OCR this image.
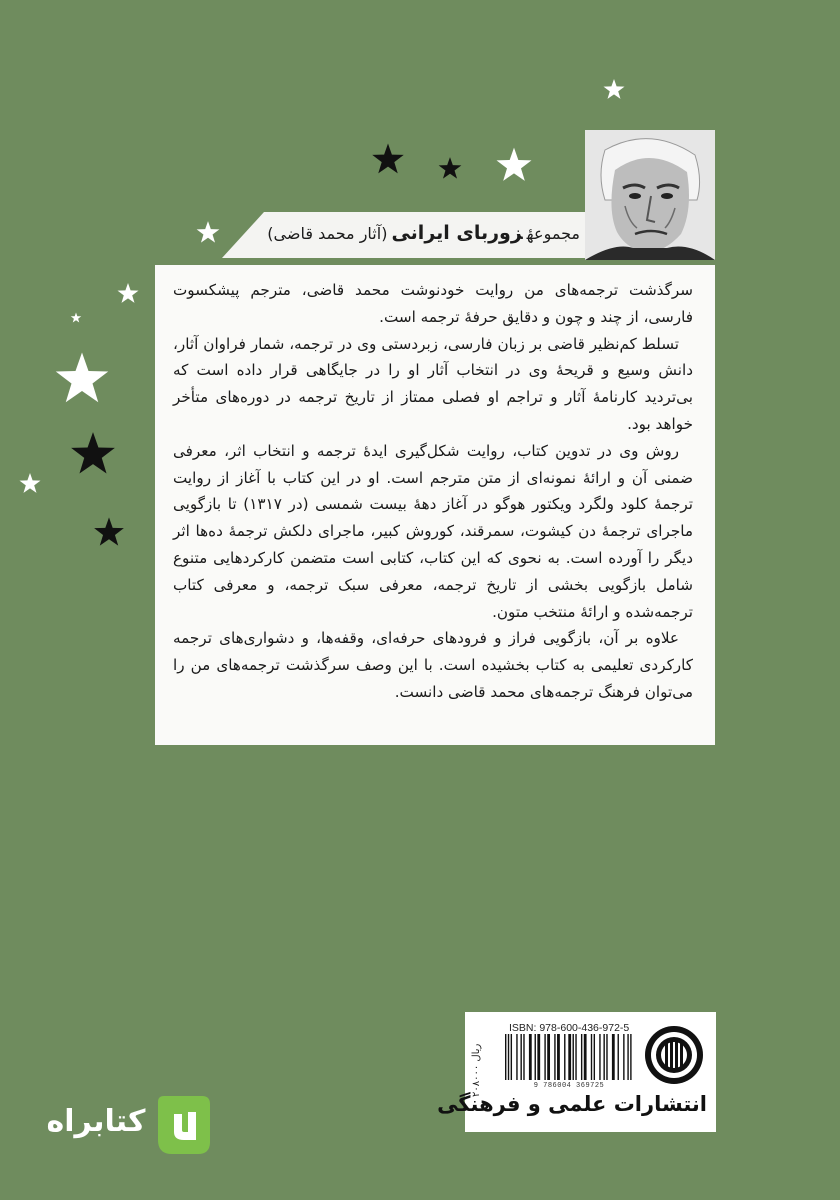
مجموعهٔزوربای ایرانی(آثار محمد قاضی)

سرگذشت ترجمه‌های من روایت خودنوشت محمد قاضی، مترجم پیشکسوت فارسی، از چند و چون و دقایق حرفهٔ ترجمه است.

تسلط کم‌نظیر قاضی بر زبان فارسی، زبردستی وی در ترجمه، شمار فراوان آثار، دانش وسیع و قریحهٔ وی در انتخاب آثار او را در جایگاهی قرار داده است که بی‌تردید کارنامهٔ آثار و تراجم او فصلی ممتاز از تاریخ ترجمه در دوره‌های متأخر خواهد بود.

روش وی در تدوین کتاب، روایت شکل‌گیری ایدهٔ ترجمه و انتخاب اثر، معرفی ضمنی آن و ارائهٔ نمونه‌ای از متن مترجم است. او در این کتاب با آغاز از روایت ترجمهٔ کلود ولگرد ویکتور هوگو در آغاز دههٔ بیست شمسی (در ۱۳۱۷) تا بازگویی ماجرای ترجمهٔ دن کیشوت، سمرقند، کوروش کبیر، ماجرای دلکش ترجمهٔ ده‌ها اثر دیگر را آورده است. به نحوی که این کتاب، کتابی است متضمن کارکردهایی متنوع شامل بازگویی بخشی از تاریخ ترجمه، معرفی سبک ترجمه، و معرفی کتاب ترجمه‌شده و ارائهٔ منتخب متون.

علاوه بر آن، بازگویی فراز و فرودهای حرفه‌ای، وقفه‌ها، و دشواری‌های ترجمه کارکردی تعلیمی به کتاب بخشیده است. با این وصف سرگذشت ترجمه‌های من را می‌توان فرهنگ ترجمه‌های محمد قاضی دانست.

ISBN: 978-600-436-972-5
9 786004 369725
۲۰۸۰۰۰ ریال
انتشارات علمی و فرهنگی
کتابراه
